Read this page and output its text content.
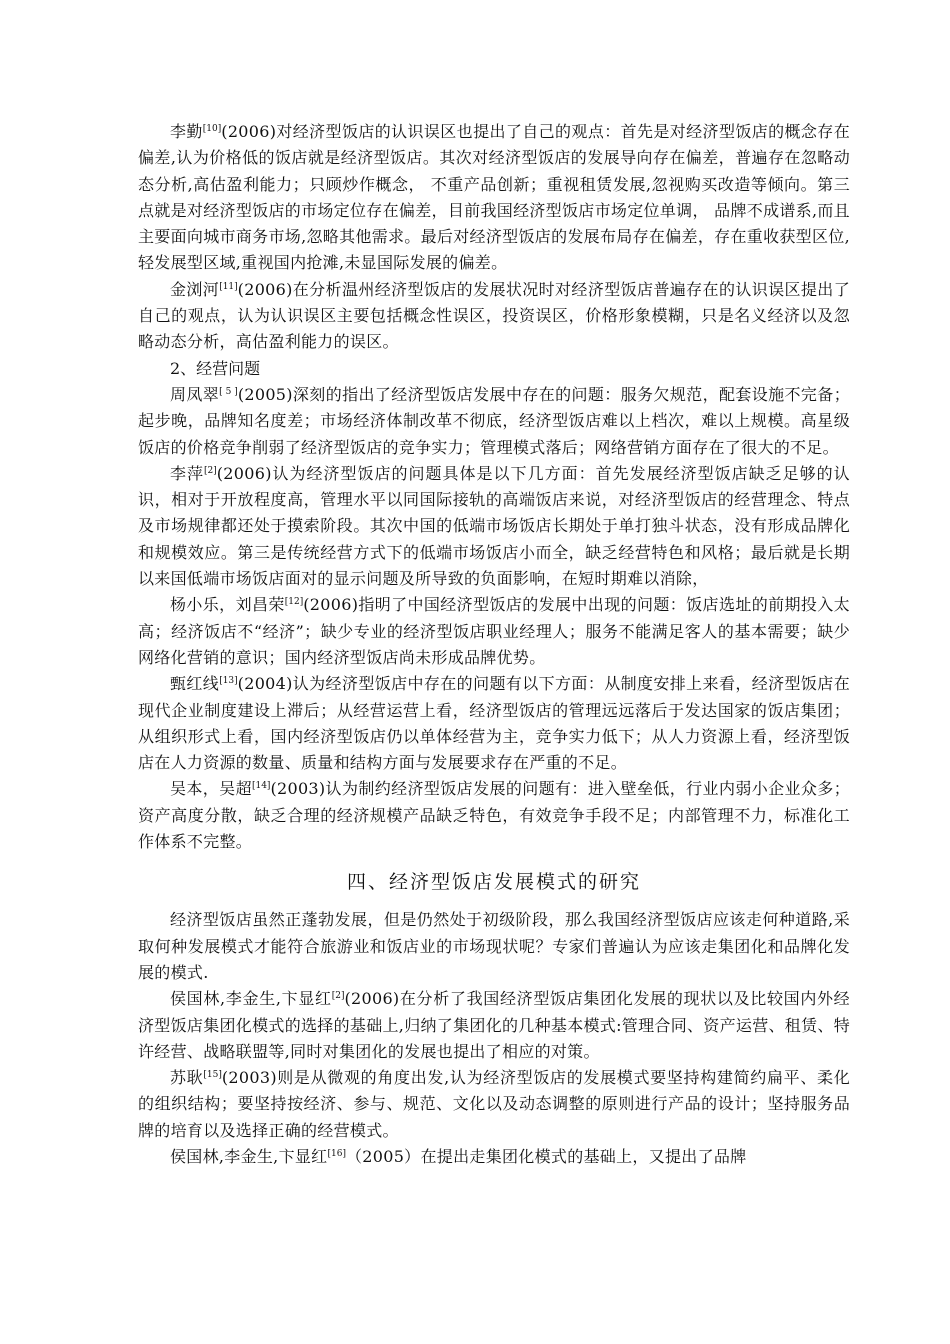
李勤[10](2006)对经济型饭店的认识误区也提出了自己的观点：首先是对经济型饭店的概念存在偏差,认为价格低的饭店就是经济型饭店。其次对经济型饭店的发展导向存在偏差，普遍存在忽略动态分析,高估盈利能力；只顾炒作概念， 不重产品创新；重视租赁发展,忽视购买改造等倾向。第三点就是对经济型饭店的市场定位存在偏差，目前我国经济型饭店市场定位单调， 品牌不成谱系,而且主要面向城市商务市场,忽略其他需求。最后对经济型饭店的发展布局存在偏差，存在重收获型区位,轻发展型区域,重视国内抢滩,未显国际发展的偏差。

金浏河[11](2006)在分析温州经济型饭店的发展状况时对经济型饭店普遍存在的认识误区提出了自己的观点，认为认识误区主要包括概念性误区，投资误区，价格形象模糊，只是名义经济以及忽略动态分析，高估盈利能力的误区。

2、经营问题

周凤翠[ 5 ](2005)深刻的指出了经济型饭店发展中存在的问题：服务欠规范，配套设施不完备；起步晚，品牌知名度差；市场经济体制改革不彻底，经济型饭店难以上档次，难以上规模。高星级饭店的价格竞争削弱了经济型饭店的竞争实力；管理模式落后；网络营销方面存在了很大的不足。

李萍[2](2006)认为经济型饭店的问题具体是以下几方面：首先发展经济型饭店缺乏足够的认识，相对于开放程度高，管理水平以同国际接轨的高端饭店来说，对经济型饭店的经营理念、特点及市场规律都还处于摸索阶段。其次中国的低端市场饭店长期处于单打独斗状态，没有形成品牌化和规模效应。第三是传统经营方式下的低端市场饭店小而全，缺乏经营特色和风格；最后就是长期以来国低端市场饭店面对的显示问题及所导致的负面影响，在短时期难以消除，

杨小乐，刘昌荣[12](2006)指明了中国经济型饭店的发展中出现的问题：饭店选址的前期投入太高；经济饭店不“经济”；缺少专业的经济型饭店职业经理人；服务不能满足客人的基本需要；缺少网络化营销的意识；国内经济型饭店尚未形成品牌优势。

甄红线[13](2004)认为经济型饭店中存在的问题有以下方面：从制度安排上来看，经济型饭店在现代企业制度建设上滞后；从经营运营上看，经济型饭店的管理远远落后于发达国家的饭店集团；从组织形式上看，国内经济型饭店仍以单体经营为主，竞争实力低下；从人力资源上看，经济型饭店在人力资源的数量、质量和结构方面与发展要求存在严重的不足。

吴本，吴超[14](2003)认为制约经济型饭店发展的问题有：进入壁垒低，行业内弱小企业众多；资产高度分散，缺乏合理的经济规模产品缺乏特色，有效竞争手段不足；内部管理不力，标准化工作体系不完整。

四、经济型饭店发展模式的研究

经济型饭店虽然正蓬勃发展，但是仍然处于初级阶段，那么我国经济型饭店应该走何种道路,采取何种发展模式才能符合旅游业和饭店业的市场现状呢？专家们普遍认为应该走集团化和品牌化发展的模式.

侯国林,李金生,卞显红[2](2006)在分析了我国经济型饭店集团化发展的现状以及比较国内外经济型饭店集团化模式的选择的基础上,归纳了集团化的几种基本模式:管理合同、资产运营、租赁、特许经营、战略联盟等,同时对集团化的发展也提出了相应的对策。

苏耿[15](2003)则是从微观的角度出发,认为经济型饭店的发展模式要坚持构建简约扁平、柔化的组织结构；要坚持按经济、参与、规范、文化以及动态调整的原则进行产品的设计；坚持服务品牌的培育以及选择正确的经营模式。

侯国林,李金生,卞显红[16]（2005）在提出走集团化模式的基础上，又提出了品牌
